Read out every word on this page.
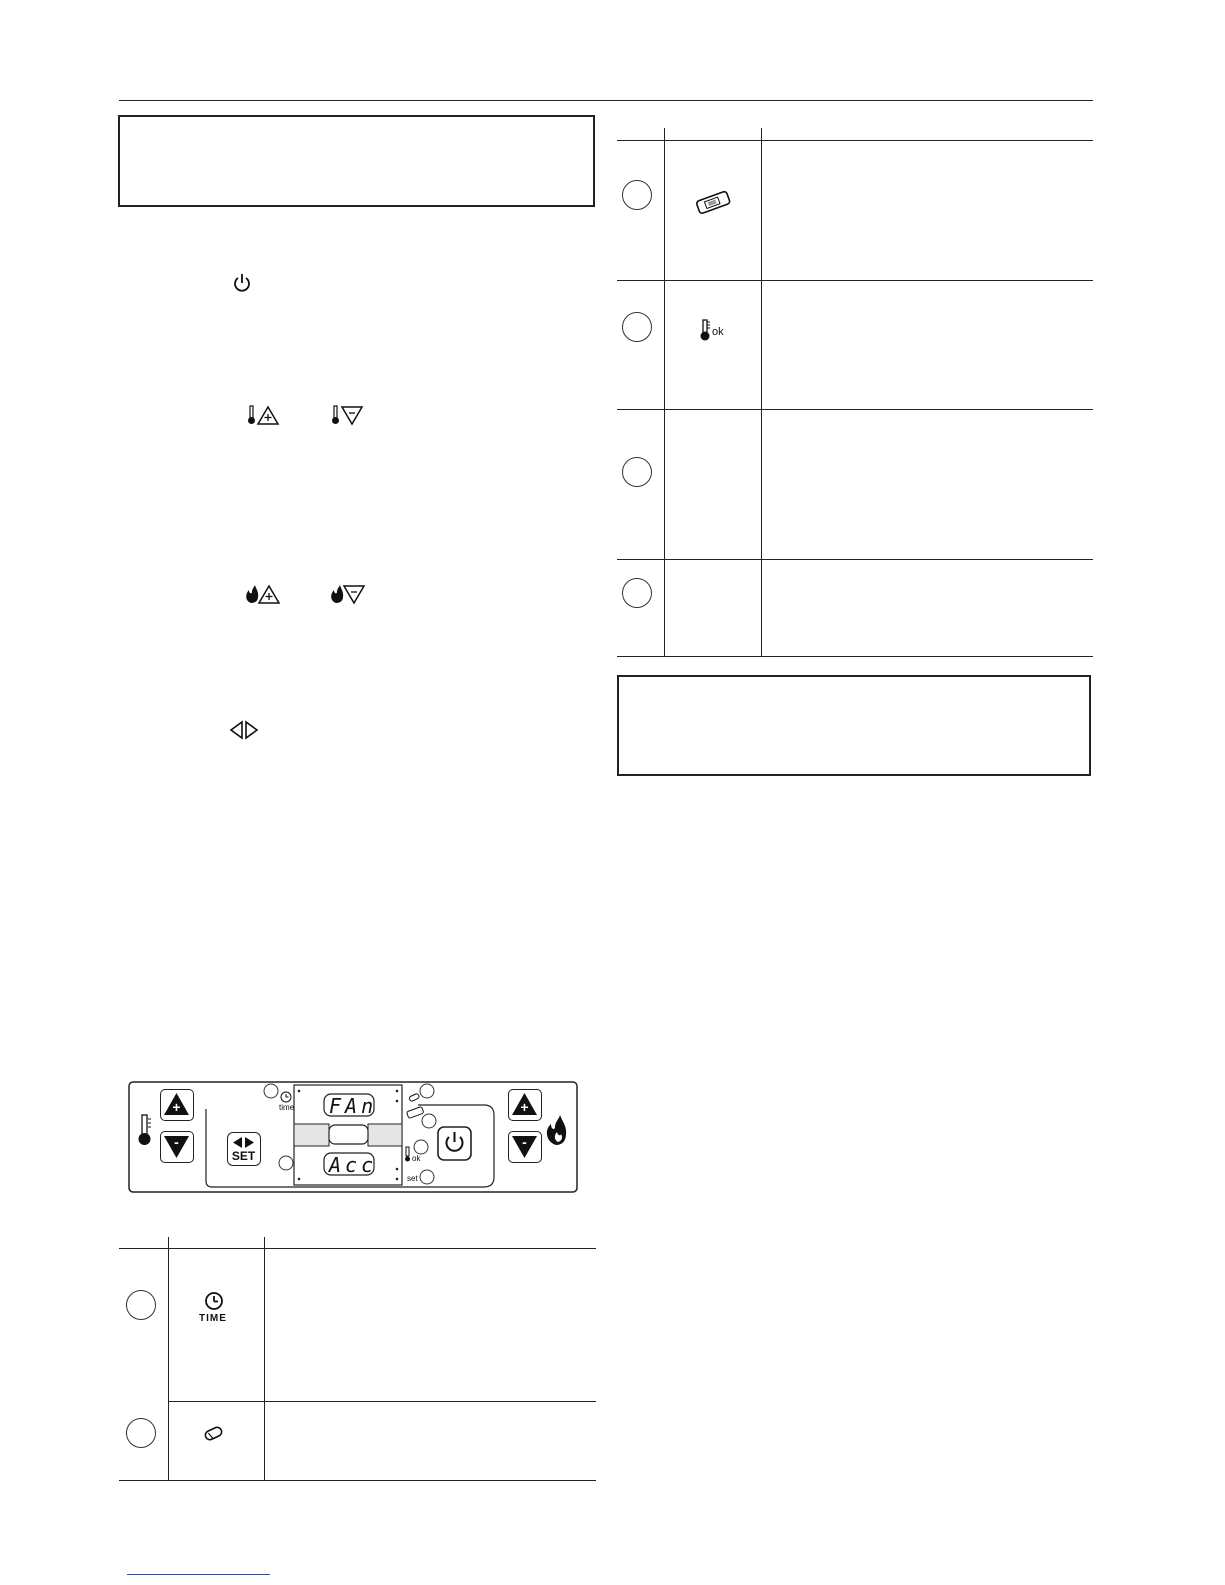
+
-
SET
FAn
Acc
time
ok
set
+
-
TIME
ok
